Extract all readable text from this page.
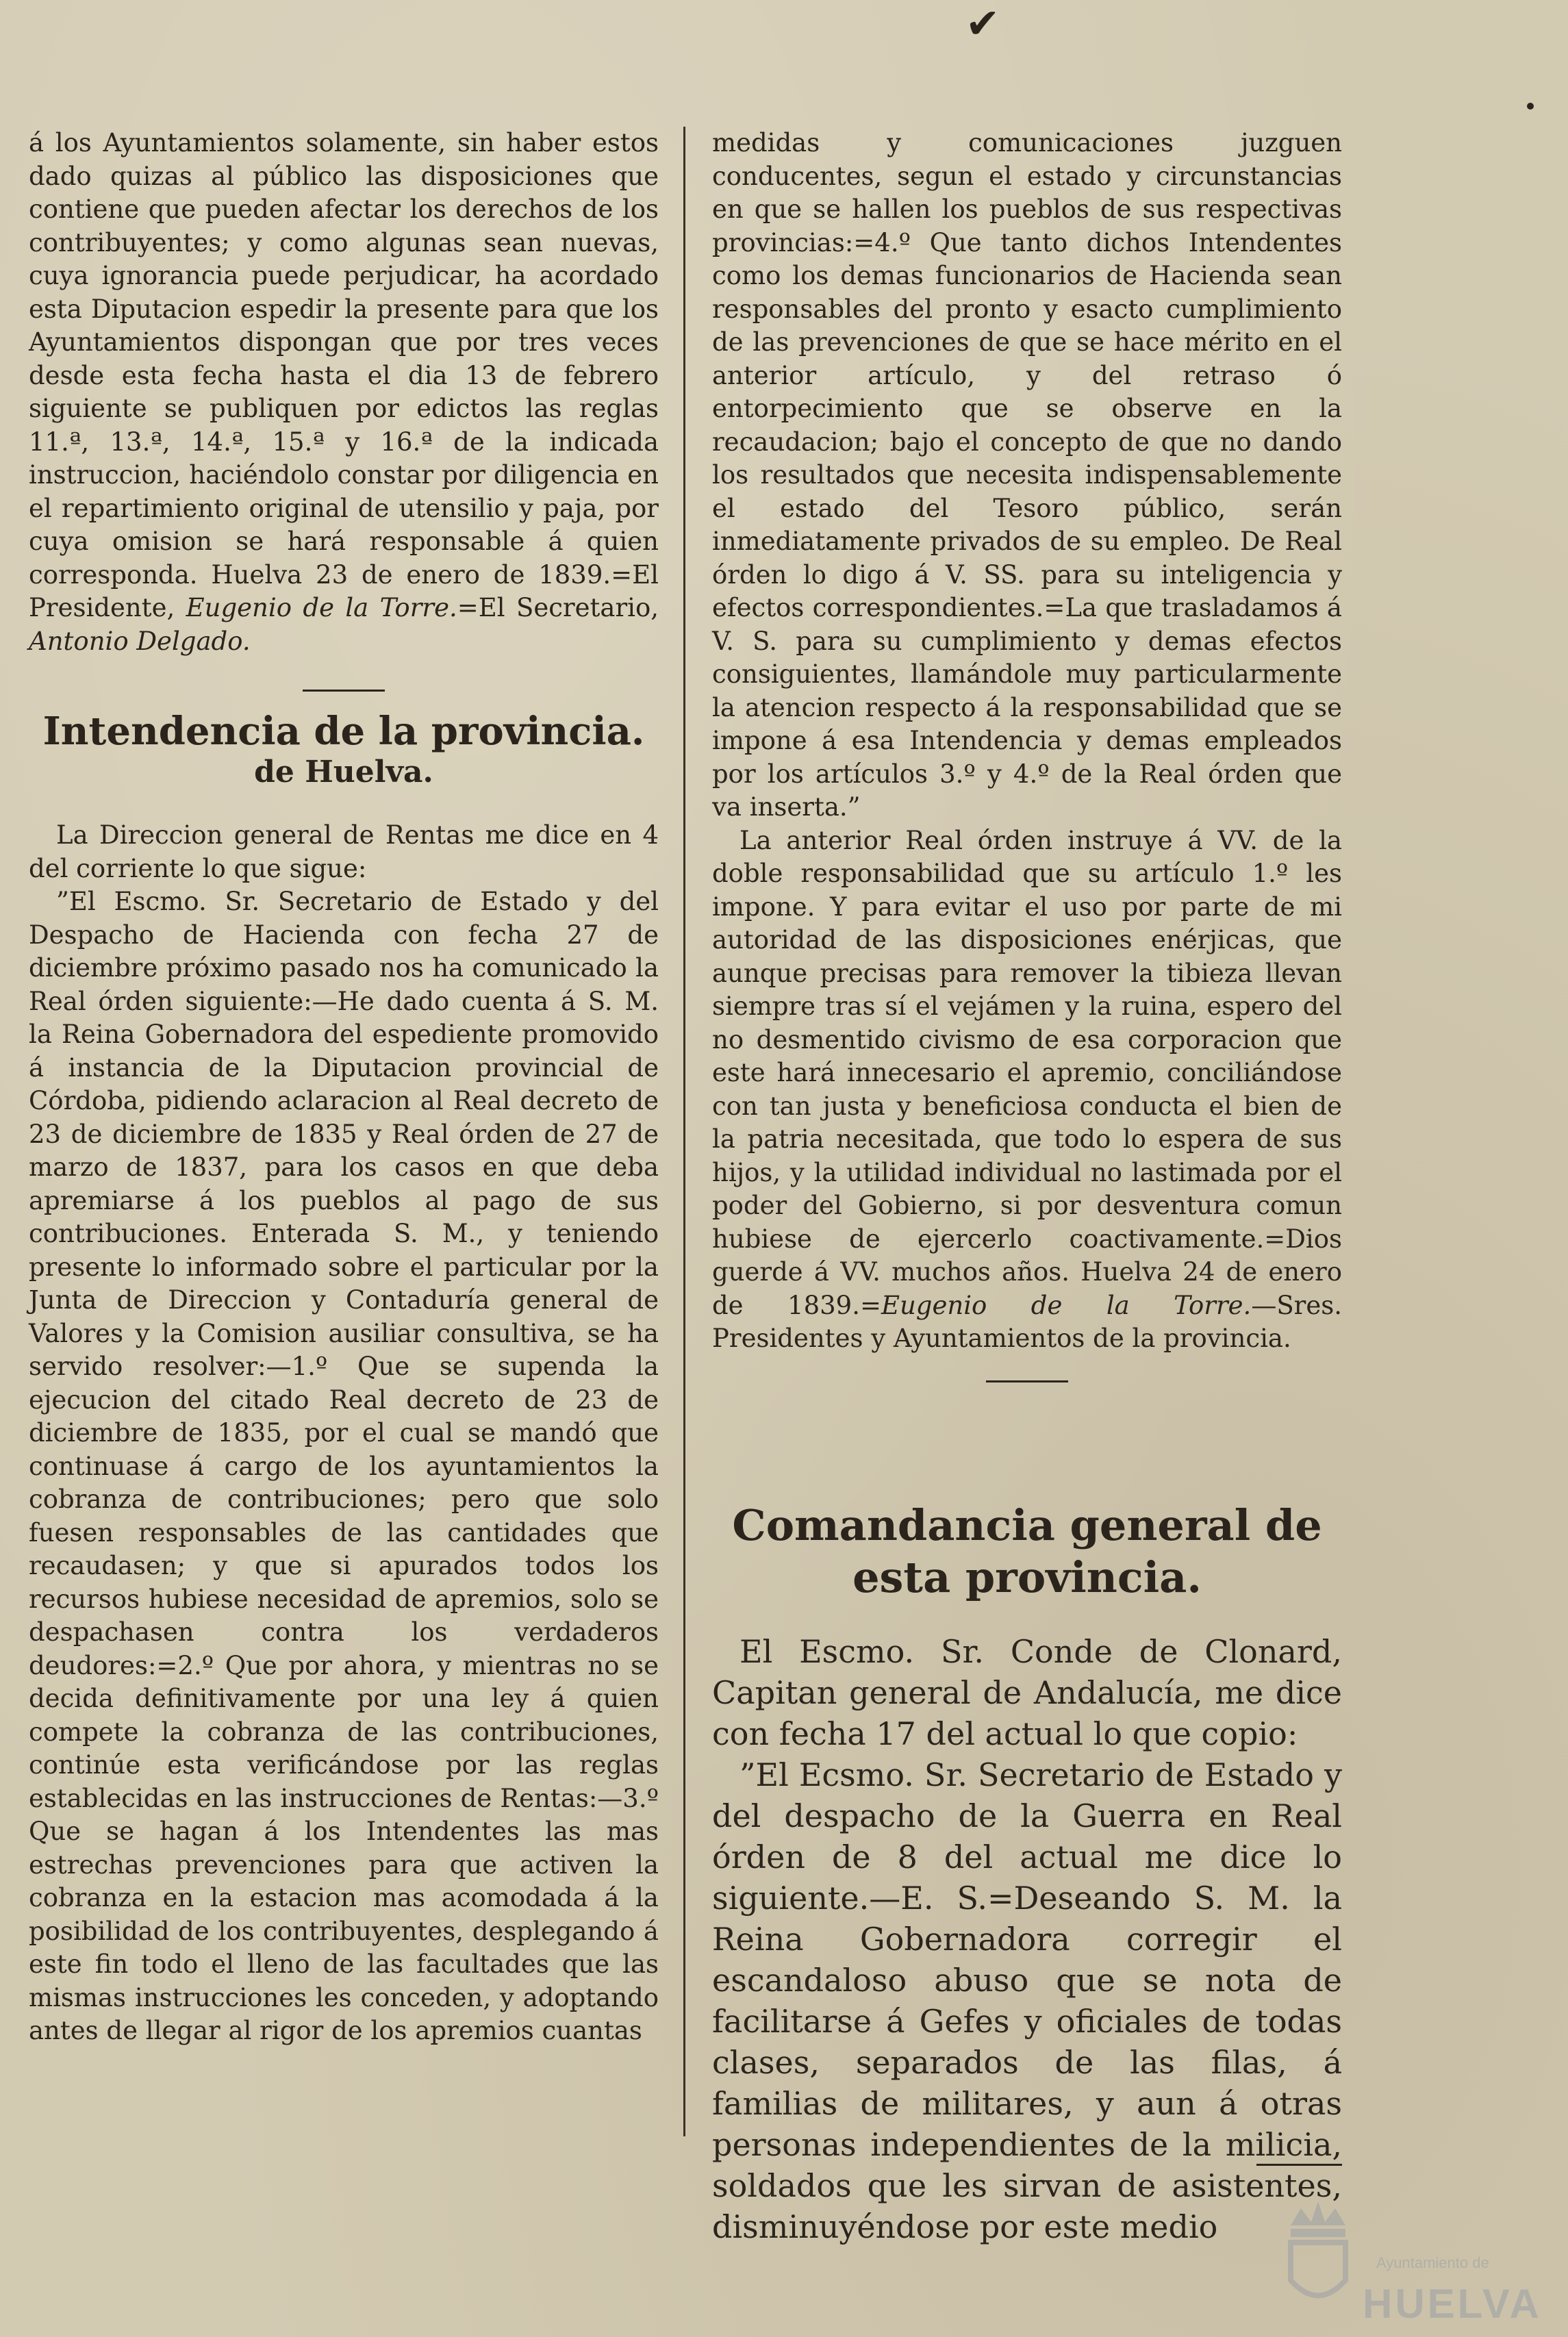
✔

á los Ayuntamientos solamente, sin haber estos dado quizas al público las disposiciones que contiene que pueden afectar los derechos de los contribuyentes; y como algunas sean nuevas, cuya ignorancia puede perjudicar, ha acordado esta Diputacion espedir la presente para que los Ayuntamientos dispongan que por tres veces desde esta fecha hasta el dia 13 de febrero siguiente se publiquen por edictos las reglas 11.ª, 13.ª, 14.ª, 15.ª y 16.ª de la indicada instruccion, haciéndolo constar por diligencia en el repartimiento original de utensilio y paja, por cuya omision se hará responsable á quien corresponda. Huelva 23 de enero de 1839.=El Presidente, Eugenio de la Torre.=El Secretario, Antonio Delgado.

Intendencia de la provincia.

de Huelva.

La Direccion general de Rentas me dice en 4 del corriente lo que sigue:

”El Escmo. Sr. Secretario de Estado y del Despacho de Hacienda con fecha 27 de diciembre próximo pasado nos ha comunicado la Real órden siguiente:—He dado cuenta á S. M. la Reina Gobernadora del espediente promovido á instancia de la Diputacion provincial de Córdoba, pidiendo aclaracion al Real decreto de 23 de diciembre de 1835 y Real órden de 27 de marzo de 1837, para los casos en que deba apremiarse á los pueblos al pago de sus contribuciones. Enterada S. M., y teniendo presente lo informado sobre el particular por la Junta de Direccion y Contaduría general de Valores y la Comision ausiliar consultiva, se ha servido resolver:—1.º Que se supenda la ejecucion del citado Real decreto de 23 de diciembre de 1835, por el cual se mandó que continuase á cargo de los ayuntamientos la cobranza de contribuciones; pero que solo fuesen responsables de las cantidades que recaudasen; y que si apurados todos los recursos hubiese necesidad de apremios, solo se despachasen contra los verdaderos deudores:=2.º Que por ahora, y mientras no se decida definitivamente por una ley á quien compete la cobranza de las contribuciones, continúe esta verificándose por las reglas establecidas en las instrucciones de Rentas:—3.º Que se hagan á los Intendentes las mas estrechas prevenciones para que activen la cobranza en la estacion mas acomodada á la posibilidad de los contribuyentes, desplegando á este fin todo el lleno de las facultades que las mismas instrucciones les conceden, y adoptando antes de llegar al rigor de los apremios cuantas

medidas y comunicaciones juzguen conducentes, segun el estado y circunstancias en que se hallen los pueblos de sus respectivas provincias:=4.º Que tanto dichos Intendentes como los demas funcionarios de Hacienda sean responsables del pronto y esacto cumplimiento de las prevenciones de que se hace mérito en el anterior artículo, y del retraso ó entorpecimiento que se observe en la recaudacion; bajo el concepto de que no dando los resultados que necesita indispensablemente el estado del Tesoro público, serán inmediatamente privados de su empleo. De Real órden lo digo á V. SS. para su inteligencia y efectos correspondientes.=La que trasladamos á V. S. para su cumplimiento y demas efectos consiguientes, llamándole muy particularmente la atencion respecto á la responsabilidad que se impone á esa Intendencia y demas empleados por los artículos 3.º y 4.º de la Real órden que va inserta.”

La anterior Real órden instruye á VV. de la doble responsabilidad que su artículo 1.º les impone. Y para evitar el uso por parte de mi autoridad de las disposiciones enérjicas, que aunque precisas para remover la tibieza llevan siempre tras sí el vejámen y la ruina, espero del no desmentido civismo de esa corporacion que este hará innecesario el apremio, conciliándose con tan justa y beneficiosa conducta el bien de la patria necesitada, que todo lo espera de sus hijos, y la utilidad individual no lastimada por el poder del Gobierno, si por desventura comun hubiese de ejercerlo coactivamente.=Dios guerde á VV. muchos años. Huelva 24 de enero de 1839.=Eugenio de la Torre.—Sres. Presidentes y Ayuntamientos de la provincia.

Comandancia general de esta provincia.

El Escmo. Sr. Conde de Clonard, Capitan general de Andalucía, me dice con fecha 17 del actual lo que copio:

”El Ecsmo. Sr. Secretario de Estado y del despacho de la Guerra en Real órden de 8 del actual me dice lo siguiente.—E. S.=Deseando S. M. la Reina Gobernadora corregir el escandaloso abuso que se nota de facilitarse á Gefes y oficiales de todas clases, separados de las filas, á familias de militares, y aun á otras personas independientes de la milicia, soldados que les sirvan de asistentes, disminuyéndose por este medio

Ayuntamiento de
HUELVA
